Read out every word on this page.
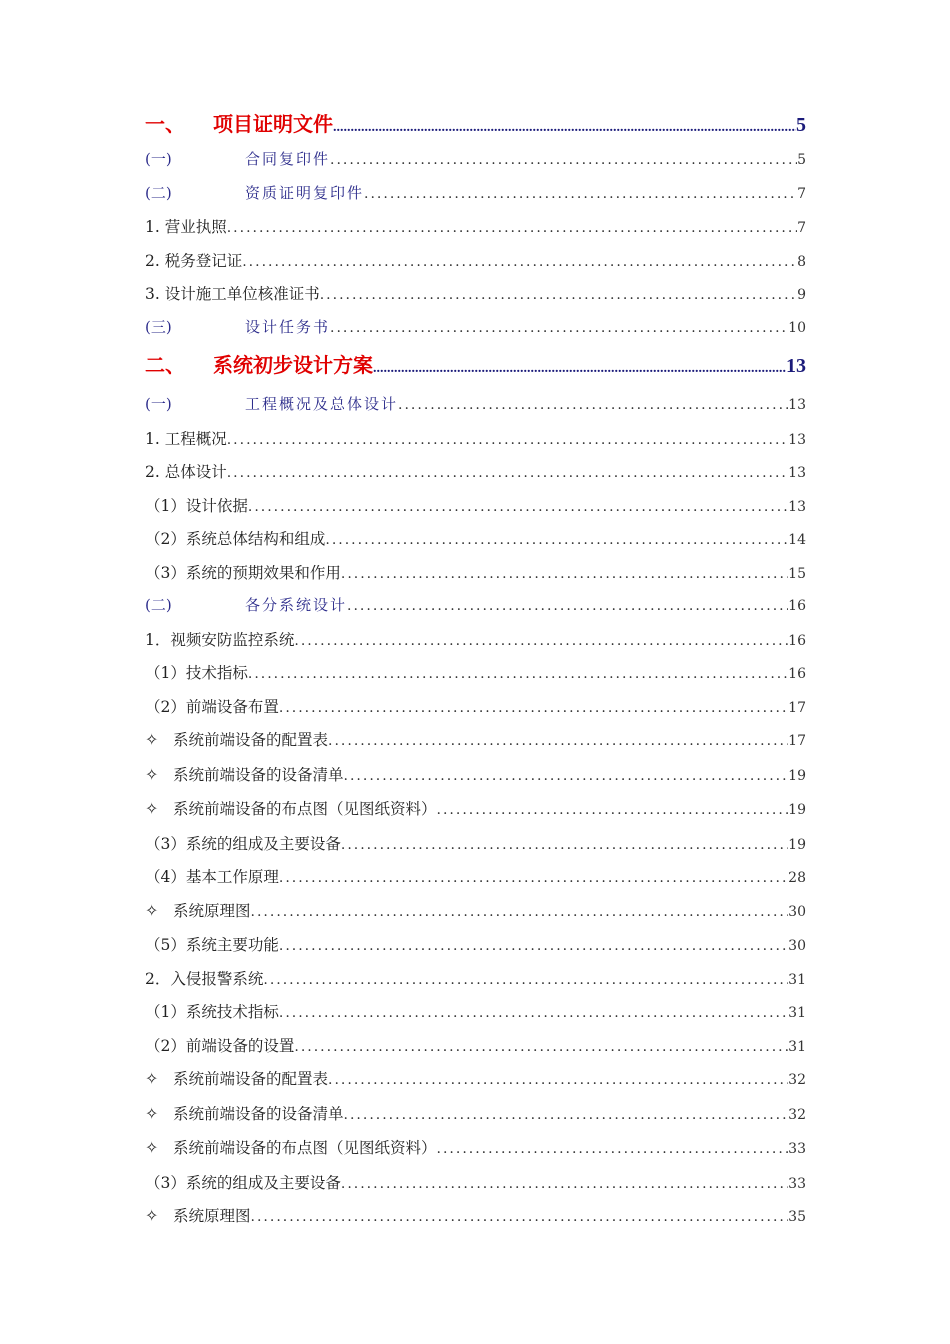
一、	项目证明文件 .....	5
(一)	合同复印件 .....	5
(二)	资质证明复印件 .....	7
1. 营业执照 .....	7
2. 税务登记证 .....	8
3. 设计施工单位核准证书 .....	9
(三)	设计任务书 .....	10
二、	系统初步设计方案 .....	13
(一)	工程概况及总体设计 .....	13
1. 工程概况 .....	13
2. 总体设计 .....	13
（1）设计依据 .....	13
（2）系统总体结构和组成 .....	14
（3）系统的预期效果和作用 .....	15
(二)	各分系统设计 .....	16
1．视频安防监控系统 .....	16
（1）技术指标 .....	16
（2）前端设备布置 .....	17
✧ 系统前端设备的配置表 .....	17
✧ 系统前端设备的设备清单 .....	19
✧ 系统前端设备的布点图（见图纸资料） .....	19
（3）系统的组成及主要设备 .....	19
（4）基本工作原理 .....	28
✧ 系统原理图 .....	30
（5）系统主要功能 .....	30
2．入侵报警系统 .....	31
（1）系统技术指标 .....	31
（2）前端设备的设置 .....	31
✧ 系统前端设备的配置表 .....	32
✧ 系统前端设备的设备清单 .....	32
✧ 系统前端设备的布点图（见图纸资料） .....	33
（3）系统的组成及主要设备 .....	33
✧ 系统原理图 .....	35
